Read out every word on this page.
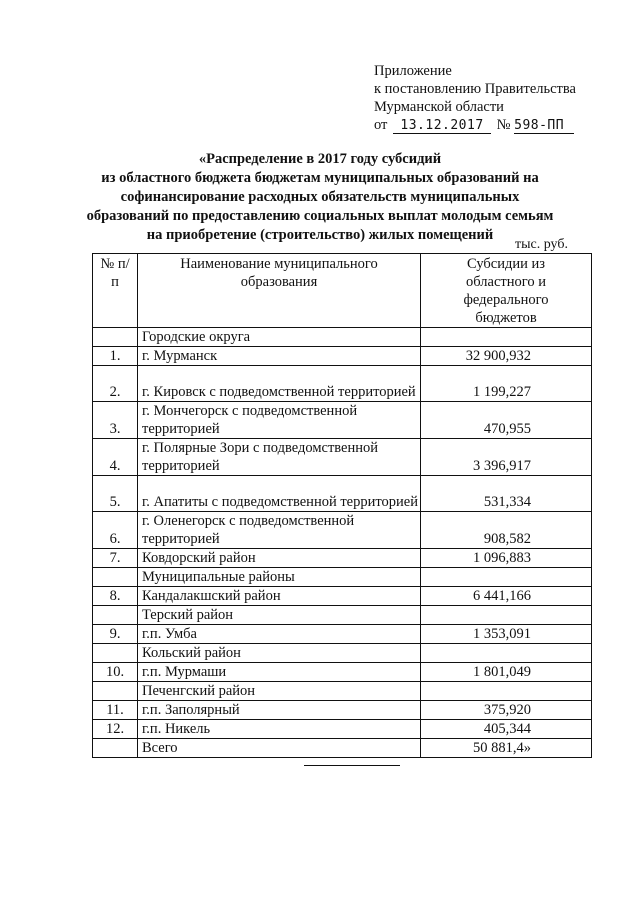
Приложение
к постановлению Правительства
Мурманской области
от 13.12.2017 № 598-ПП
«Распределение в 2017 году субсидий
из областного бюджета бюджетам муниципальных образований на
софинансирование расходных обязательств муниципальных
образований по предоставлению социальных выплат молодым семьям
на приобретение (строительство) жилых помещений
тыс. руб.
№ п/п	Наименование муниципального образования	Субсидии из областного и федерального бюджетов
	Городские округа	
1.	г. Мурманск	32 900,932
2.	г. Кировск с подведомственной территорией	1 199,227
3.	г. Мончегорск с подведомственной территорией	470,955
4.	г. Полярные Зори с подведомственной территорией	3 396,917
5.	г. Апатиты с подведомственной территорией	531,334
6.	г. Оленегорск с подведомственной территорией	908,582
7.	Ковдорский район	1 096,883
	Муниципальные районы	
8.	Кандалакшский район	6 441,166
	Терский район	
9.	г.п. Умба	1 353,091
	Кольский район	
10.	г.п. Мурмаши	1 801,049
	Печенгский район	
11.	г.п. Заполярный	375,920
12.	г.п. Никель	405,344
	Всего	50 881,4»
